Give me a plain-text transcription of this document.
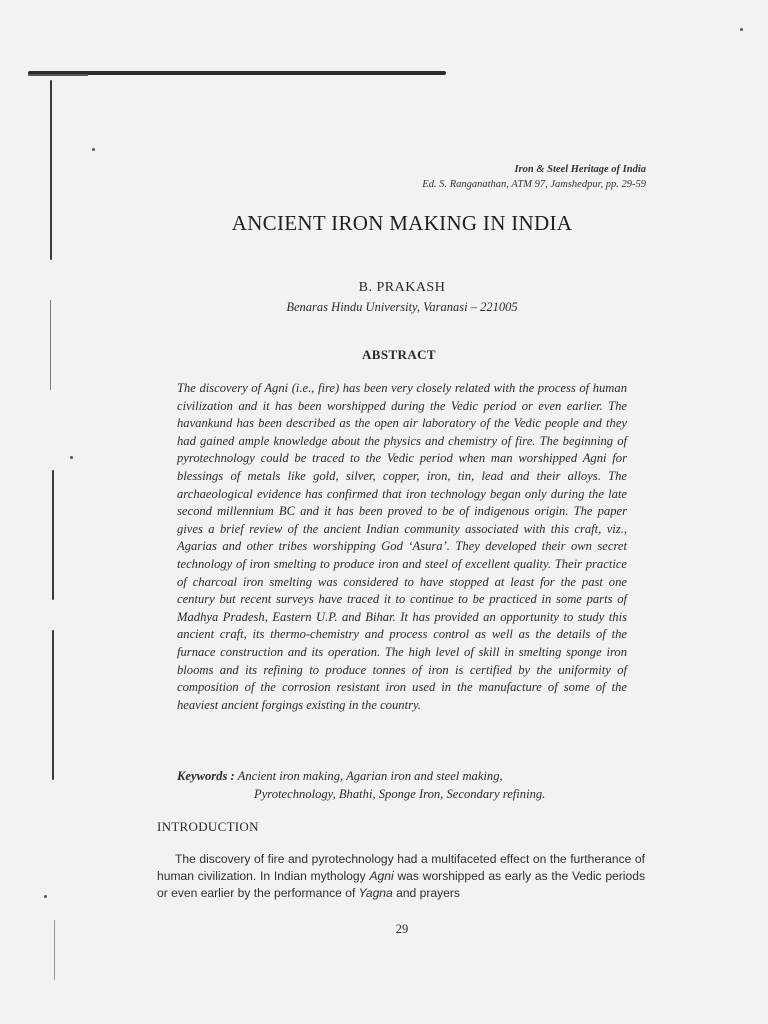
Iron & Steel Heritage of India
Ed. S. Ranganathan, ATM 97, Jamshedpur, pp. 29-59
ANCIENT IRON MAKING IN INDIA
B. PRAKASH
Benaras Hindu University, Varanasi – 221005
ABSTRACT

The discovery of Agni (i.e., fire) has been very closely related with the process of human civilization and it has been worshipped during the Vedic period or even earlier. The havankund has been described as the open air laboratory of the Vedic people and they had gained ample knowledge about the physics and chemistry of fire. The beginning of pyrotechnology could be traced to the Vedic period when man worshipped Agni for blessings of metals like gold, silver, copper, iron, tin, lead and their alloys. The archaeological evidence has confirmed that iron technology began only during the late second millennium BC and it has been proved to be of indigenous origin. The paper gives a brief review of the ancient Indian community associated with this craft, viz., Agarias and other tribes worshipping God ‘Asura’. They developed their own secret technology of iron smelting to produce iron and steel of excellent quality. Their practice of charcoal iron smelting was considered to have stopped at least for the past one century but recent surveys have traced it to continue to be practiced in some parts of Madhya Pradesh, Eastern U.P. and Bihar. It has provided an opportunity to study this ancient craft, its thermo-chemistry and process control as well as the details of the furnace construction and its operation. The high level of skill in smelting sponge iron blooms and its refining to produce tonnes of iron is certified by the uniformity of composition of the corrosion resistant iron used in the manufacture of some of the heaviest ancient forgings existing in the country.

Keywords : Ancient iron making, Agarian iron and steel making,
Pyrotechnology, Bhathi, Sponge Iron, Secondary refining.
INTRODUCTION

The discovery of fire and pyrotechnology had a multifaceted effect on the furtherance of human civilization. In Indian mythology Agni was worshipped as early as the Vedic periods or even earlier by the performance of Yagna and prayers

29
